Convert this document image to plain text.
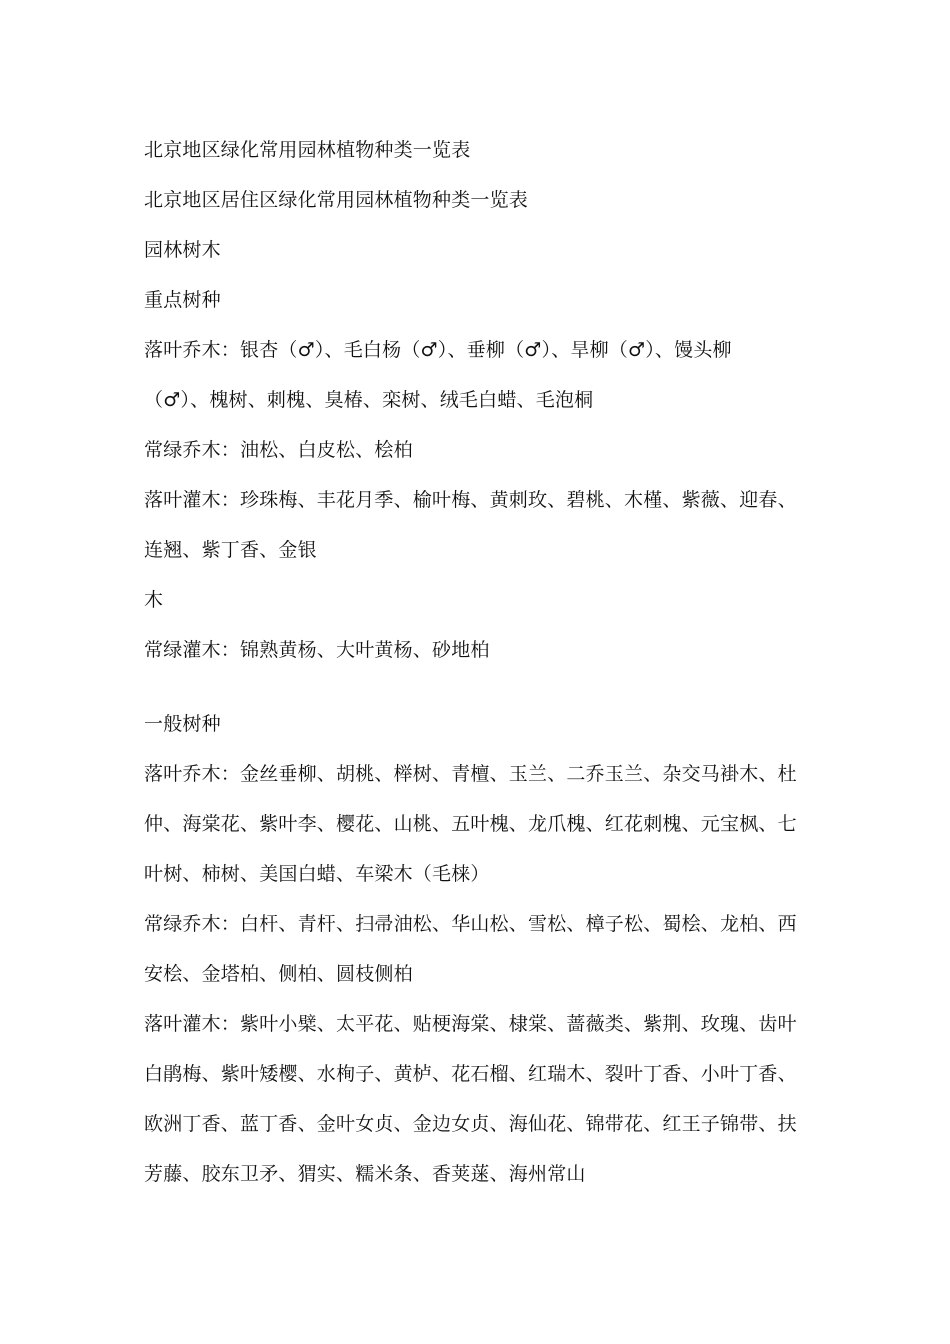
北京地区绿化常用园林植物种类一览表
北京地区居住区绿化常用园林植物种类一览表
园林树木
重点树种
落叶乔木：银杏（♂）、毛白杨（♂）、垂柳（♂）、旱柳（♂）、馒头柳
（♂）、槐树、刺槐、臭椿、栾树、绒毛白蜡、毛泡桐
常绿乔木：油松、白皮松、桧柏
落叶灌木：珍珠梅、丰花月季、榆叶梅、黄刺玫、碧桃、木槿、紫薇、迎春、
连翘、紫丁香、金银
木
常绿灌木：锦熟黄杨、大叶黄杨、砂地柏
一般树种
落叶乔木：金丝垂柳、胡桃、榉树、青檀、玉兰、二乔玉兰、杂交马褂木、杜
仲、海棠花、紫叶李、樱花、山桃、五叶槐、龙爪槐、红花刺槐、元宝枫、七
叶树、柿树、美国白蜡、车梁木（毛梾）
常绿乔木：白杆、青杆、扫帚油松、华山松、雪松、樟子松、蜀桧、龙柏、西
安桧、金塔柏、侧柏、圆枝侧柏
落叶灌木：紫叶小檗、太平花、贴梗海棠、棣棠、蔷薇类、紫荆、玫瑰、齿叶
白鹃梅、紫叶矮樱、水栒子、黄栌、花石榴、红瑞木、裂叶丁香、小叶丁香、
欧洲丁香、蓝丁香、金叶女贞、金边女贞、海仙花、锦带花、红王子锦带、扶
芳藤、胶东卫矛、猬实、糯米条、香荚蒾、海州常山
